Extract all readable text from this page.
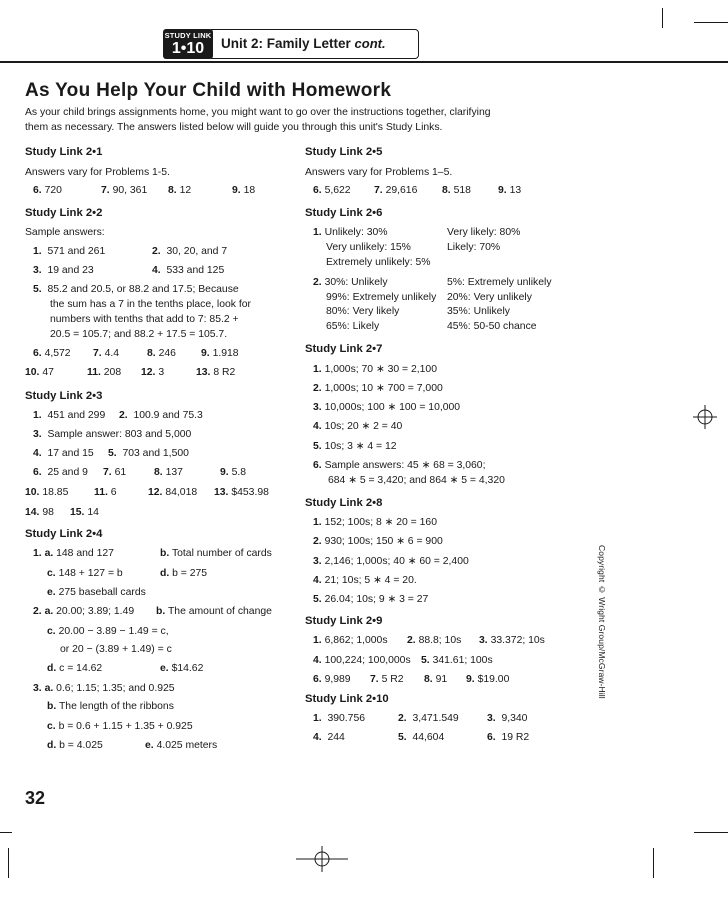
STUDY LINK
1•10	Unit 2: Family Letter cont.
As You Help Your Child with Homework
As your child brings assignments home, you might want to go over the instructions together, clarifying
them as necessary. The answers listed below will guide you through this unit's Study Links.
Study Link 2•1
Answers vary for Problems 1-5.
6. 720	7. 90, 361 8. 12	9. 18
Study Link 2•2
Sample answers:
1. 571 and 261	2. 30, 20, and 7
3. 19 and 23	4. 533 and 125
5. 85.2 and 20.5, or 88.2 and 17.5; Because
the sum has a 7 in the tenths place, look for
numbers with tenths that add to 7: 85.2 +
20.5 = 105.7; and 88.2 + 17.5 = 105.7.
6. 4,572 7. 4.4	8. 246 9. 1.918
10. 47	11. 208 12. 3	13. 8 R2
Study Link 2•3
1. 451 and 299 2. 100.9 and 75.3
3. Sample answer: 803 and 5,000
4. 17 and 15 5. 703 and 1,500
6. 25 and 9 7. 61	8. 137	9. 5.8
10. 18.85 11. 6	12. 84,018 13. $453.98
14. 98 15. 14
Study Link 2•4
1. a. 148 and 127	b. Total number of cards
c. 148 + 127 = b	d. b = 275
e. 275 baseball cards
2. a. 20.00; 3.89; 1.49 b. The amount of change
c. 20.00 − 3.89 − 1.49 = c,
or 20 − (3.89 + 1.49) = c
d. c = 14.62	e. $14.62
3. a. 0.6; 1.15; 1.35; and 0.925
b. The length of the ribbons
c. b = 0.6 + 1.15 + 1.35 + 0.925
d. b = 4.025	e. 4.025 meters
Study Link 2•5
Answers vary for Problems 1–5.
6. 5,622 7. 29,616 8. 518	9. 13
Study Link 2•6
1. Unlikely: 30%	Very likely: 80%
Very unlikely: 15%	Likely: 70%
Extremely unlikely: 5%
2. 30%: Unlikely	5%: Extremely unlikely
99%: Extremely unlikely 20%: Very unlikely
80%: Very likely	35%: Unlikely
65%: Likely	45%: 50-50 chance
Study Link 2•7
1. 1,000s; 70 ∗ 30 = 2,100
2. 1,000s; 10 ∗ 700 = 7,000
3. 10,000s; 100 ∗ 100 = 10,000
4. 10s; 20 ∗ 2 = 40
5. 10s; 3 ∗ 4 = 12
6. Sample answers: 45 ∗ 68 = 3,060;
684 ∗ 5 = 3,420; and 864 ∗ 5 = 4,320
Study Link 2•8
1. 152; 100s; 8 ∗ 20 = 160
2. 930; 100s; 150 ∗ 6 = 900
3. 2,146; 1,000s; 40 ∗ 60 = 2,400
4. 21; 10s; 5 ∗ 4 = 20.
5. 26.04; 10s; 9 ∗ 3 = 27
Study Link 2•9
1. 6,862; 1,000s 2. 88.8; 10s 3. 33.372; 10s
4. 100,224; 100,000s 5. 341.61; 100s
6. 9,989 7. 5 R2 8. 91 9. $19.00
Study Link 2•10
1. 390.756	2. 3,471.549	3. 9,340
4. 244	5. 44,604	6. 19 R2
Copyright © Wright Group/McGraw-Hill
32
